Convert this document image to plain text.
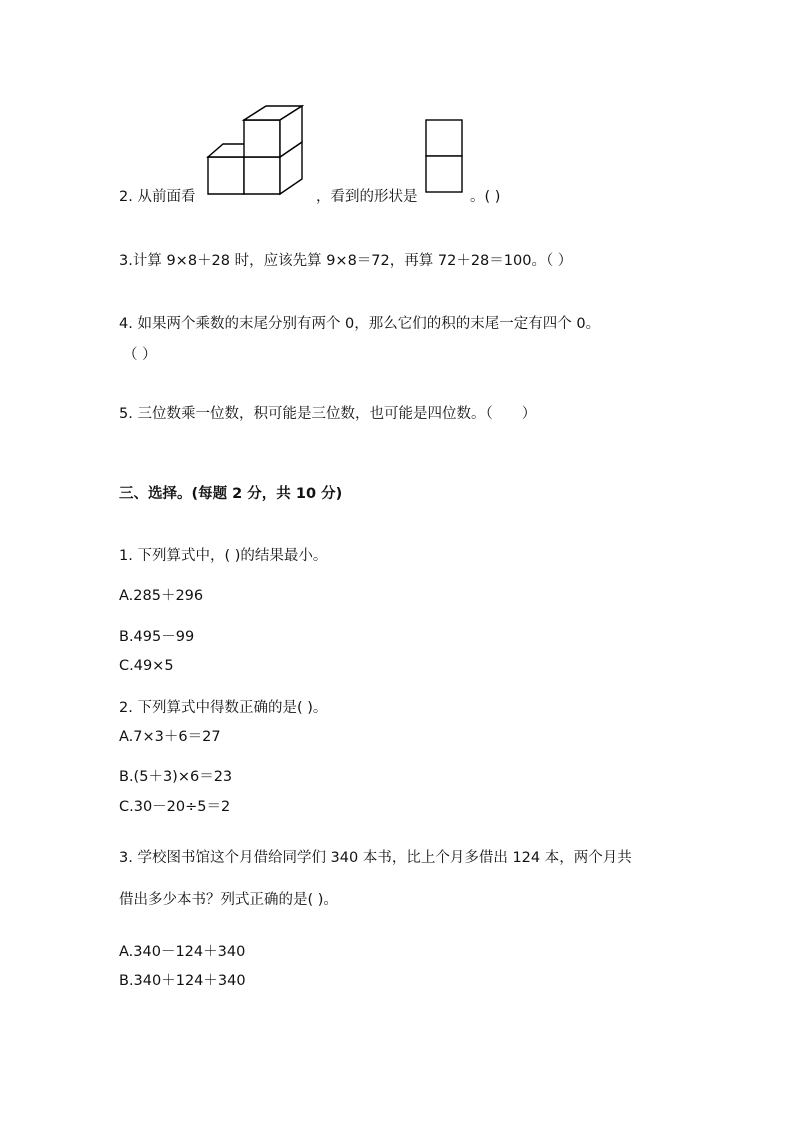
2. 从前面看	，看到的形状是	。( )
3.计算 9×8＋28 时，应该先算 9×8＝72，再算 72＋28＝100。（ ）
4. 如果两个乘数的末尾分别有两个 0，那么它们的积的末尾一定有四个 0。
（ ）
5. 三位数乘一位数，积可能是三位数，也可能是四位数。（　　）
三、选择。(每题 2 分，共 10 分)
1. 下列算式中，( )的结果最小。
A.285＋296
B.495－99
C.49×5
2. 下列算式中得数正确的是( )。
A.7×3＋6＝27
B.(5＋3)×6＝23
C.30－20÷5＝2
3. 学校图书馆这个月借给同学们 340 本书，比上个月多借出 124 本，两个月共
借出多少本书？列式正确的是( )。
A.340－124＋340
B.340＋124＋340
